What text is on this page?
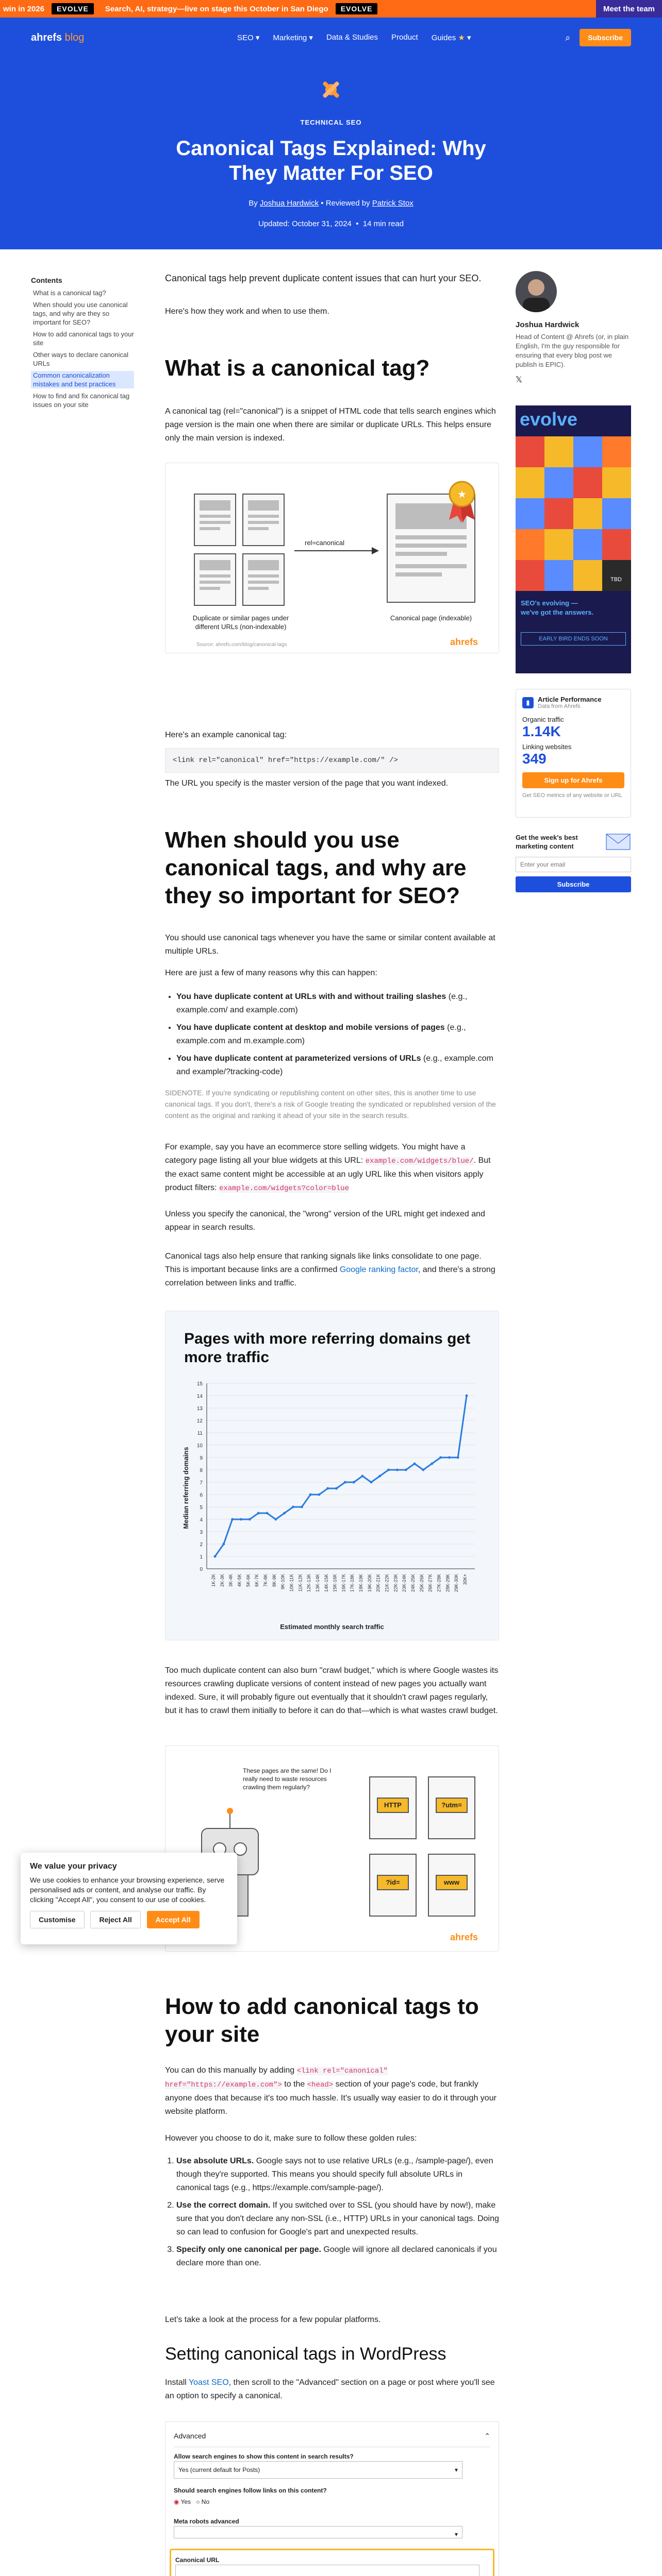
win in 2026	EVOLVE	Search, AI, strategy—live on stage this October in San Diego	EVOLVE	Meet the team
ahrefs blog	SEO ▾ Marketing ▾ Data & Studies Product Guides ★ ▾	⌕	Subscribe
TECHNICAL SEO
Canonical Tags Explained: Why They Matter For SEO
By Joshua Hardwick • Reviewed by Patrick Stox
Updated: October 31, 2024  •  14 min read
Contents
What is a canonical tag?
When should you use canonical tags, and why are they so important for SEO?
How to add canonical tags to your site
Other ways to declare canonical URLs
Common canonicalization mistakes and best practices
How to find and fix canonical tag issues on your site

Canonical tags help prevent duplicate content issues that can hurt your SEO.

Here's how they work and when to use them.

What is a canonical tag?

A canonical tag (rel="canonical") is a snippet of HTML code that tells search engines which page version is the main one when there are similar or duplicate URLs. This helps ensure only the main version is indexed.

★
rel=canonical
Duplicate or similar pages under different URLs (non-indexable)
Canonical page (indexable)
Source: ahrefs.com/blog/canonical-tags	ahrefs

Here's an example canonical tag:

<link rel="canonical" href="https://example.com/" />

The URL you specify is the master version of the page that you want indexed.

When should you use canonical tags, and why are they so important for SEO?

You should use canonical tags whenever you have the same or similar content available at multiple URLs.

Here are just a few of many reasons why this can happen:

• You have duplicate content at URLs with and without trailing slashes (e.g., example.com/ and example.com)
• You have duplicate content at desktop and mobile versions of pages (e.g., example.com and m.example.com)
• You have duplicate content at parameterized versions of URLs (e.g., example.com and example/?tracking-code)

SIDENOTE. If you're syndicating or republishing content on other sites, this is another time to use canonical tags. If you don't, there's a risk of Google treating the syndicated or republished version of the content as the original and ranking it ahead of your site in the search results.

For example, say you have an ecommerce store selling widgets. You might have a category page listing all your blue widgets at this URL: example.com/widgets/blue/. But the exact same content might be accessible at an ugly URL like this when visitors apply product filters: example.com/widgets?color=blue

Unless you specify the canonical, the "wrong" version of the URL might get indexed and appear in search results.

Canonical tags also help ensure that ranking signals like links consolidate to one page. This is important because links are a confirmed Google ranking factor, and there's a strong correlation between links and traffic.

Pages with more referring domains get more traffic
0
1
2
3
4
5
6
7
8
9
10
11
12
13
14
15
1K-2K 2K-3K 3K-4K 4K-5K 5K-6K 6K-7K 7K-8K 8K-9K 9K-10K 10K-11K 11K-12K 12K-13K 13K-14K 14K-15K 15K-16K 16K-17K 17K-18K 18K-19K 19K-20K 20K-21K 21K-22K 22K-23K 23K-24K 24K-25K 25K-26K 26K-27K 27K-28K 28K-29K 29K-30K 30K+
Estimated monthly search traffic
Median referring domains

Too much duplicate content can also burn "crawl budget," which is where Google wastes its resources crawling duplicate versions of content instead of new pages you actually want indexed. Sure, it will probably figure out eventually that it shouldn't crawl pages regularly, but it has to crawl them initially to before it can do that—which is what wastes crawl budget.

These pages are the same! Do I really need to waste resources crawling them regularly?
HTTP	?utm=
?id=	www
ahrefs
How to add canonical tags to your site

You can do this manually by adding <link rel="canonical" href="https://example.com"> to the <head> section of your page's code, but frankly anyone does that because it's too much hassle. It's usually way easier to do it through your website platform.

However you choose to do it, make sure to follow these golden rules:

1. Use absolute URLs. Google says not to use relative URLs (e.g., /sample-page/), even though they're supported. This means you should specify full absolute URLs in canonical tags (e.g., https://example.com/sample-page/).
2. Use the correct domain. If you switched over to SSL (you should have by now!), make sure that you don't declare any non-SSL (i.e., HTTP) URLs in your canonical tags. Doing so can lead to confusion for Google's part and unexpected results.
3. Specify only one canonical per page. Google will ignore all declared canonicals if you declare more than one.

Let's take a look at the process for a few popular platforms.

Setting canonical tags in WordPress

Install Yoast SEO, then scroll to the "Advanced" section on a page or post where you'll see an option to specify a canonical.

Advanced	⌃
Allow search engines to show this content in search results?
Yes (current default for Posts)	▾
Should search engines follow links on this content?
◉ Yes ○ No
Meta robots advanced
▾
Canonical URL

Joshua Hardwick
Head of Content @ Ahrefs (or, in plain English, I'm the guy responsible for ensuring that every blog post we publish is EPIC).
𝕏
evolve
TBD
SEO's evolving —
we've got the answers.
EARLY BIRD ENDS SOON
▮	Article Performance
Data from Ahrefs
Organic traffic
1.14K
Linking websites
349
Sign up for Ahrefs
Get SEO metrics of any website or URL
Get the week's best marketing content
Enter your email
Subscribe
We value your privacy
We use cookies to enhance your browsing experience, serve personalised ads or content, and analyse our traffic. By clicking "Accept All", you consent to our use of cookies.
Customise	Reject All	Accept All
